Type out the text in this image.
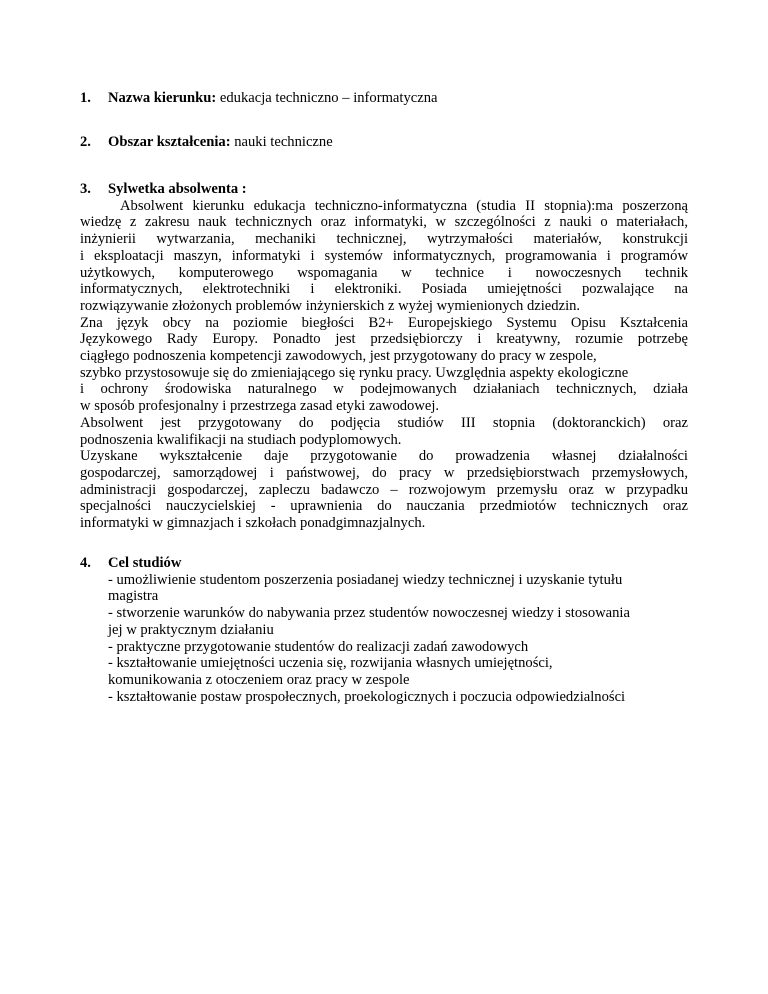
1.	Nazwa kierunku: edukacja techniczno – informatyczna
2.	Obszar kształcenia: nauki techniczne
3.	Sylwetka absolwenta :

Absolwent kierunku edukacja techniczno-informatyczna (studia II stopnia):ma poszerzoną

wiedzę z zakresu nauk technicznych oraz informatyki, w szczególności z nauki o materiałach,

inżynierii wytwarzania, mechaniki technicznej, wytrzymałości materiałów, konstrukcji

i eksploatacji maszyn, informatyki i systemów informatycznych, programowania i programów

użytkowych, komputerowego wspomagania w technice i nowoczesnych technik

informatycznych, elektrotechniki i elektroniki. Posiada umiejętności pozwalające na

rozwiązywanie złożonych problemów inżynierskich z wyżej wymienionych dziedzin.

Zna język obcy na poziomie biegłości B2+ Europejskiego Systemu Opisu Kształcenia

Językowego Rady Europy. Ponadto jest przedsiębiorczy i kreatywny, rozumie potrzebę

ciągłego podnoszenia kompetencji zawodowych, jest przygotowany do pracy w zespole,

szybko przystosowuje się do zmieniającego się rynku pracy. Uwzględnia aspekty ekologiczne

i ochrony środowiska naturalnego w podejmowanych działaniach technicznych, działa

w sposób profesjonalny i przestrzega zasad etyki zawodowej.

Absolwent jest przygotowany do podjęcia studiów III stopnia (doktoranckich) oraz

podnoszenia kwalifikacji na studiach podyplomowych.

Uzyskane wykształcenie daje przygotowanie do prowadzenia własnej działalności

gospodarczej, samorządowej i państwowej, do pracy w przedsiębiorstwach przemysłowych,

administracji gospodarczej, zapleczu badawczo – rozwojowym przemysłu oraz w przypadku

specjalności nauczycielskiej - uprawnienia do nauczania przedmiotów technicznych oraz

informatyki w gimnazjach i szkołach ponadgimnazjalnych.

4.	Cel studiów

- umożliwienie studentom poszerzenia posiadanej wiedzy technicznej i uzyskanie tytułu

magistra

- stworzenie warunków do nabywania przez studentów nowoczesnej wiedzy i stosowania

jej w praktycznym działaniu

- praktyczne przygotowanie studentów do realizacji zadań zawodowych

- kształtowanie umiejętności uczenia się, rozwijania własnych umiejętności,

komunikowania z otoczeniem oraz pracy w zespole

- kształtowanie postaw prospołecznych, proekologicznych i poczucia odpowiedzialności
